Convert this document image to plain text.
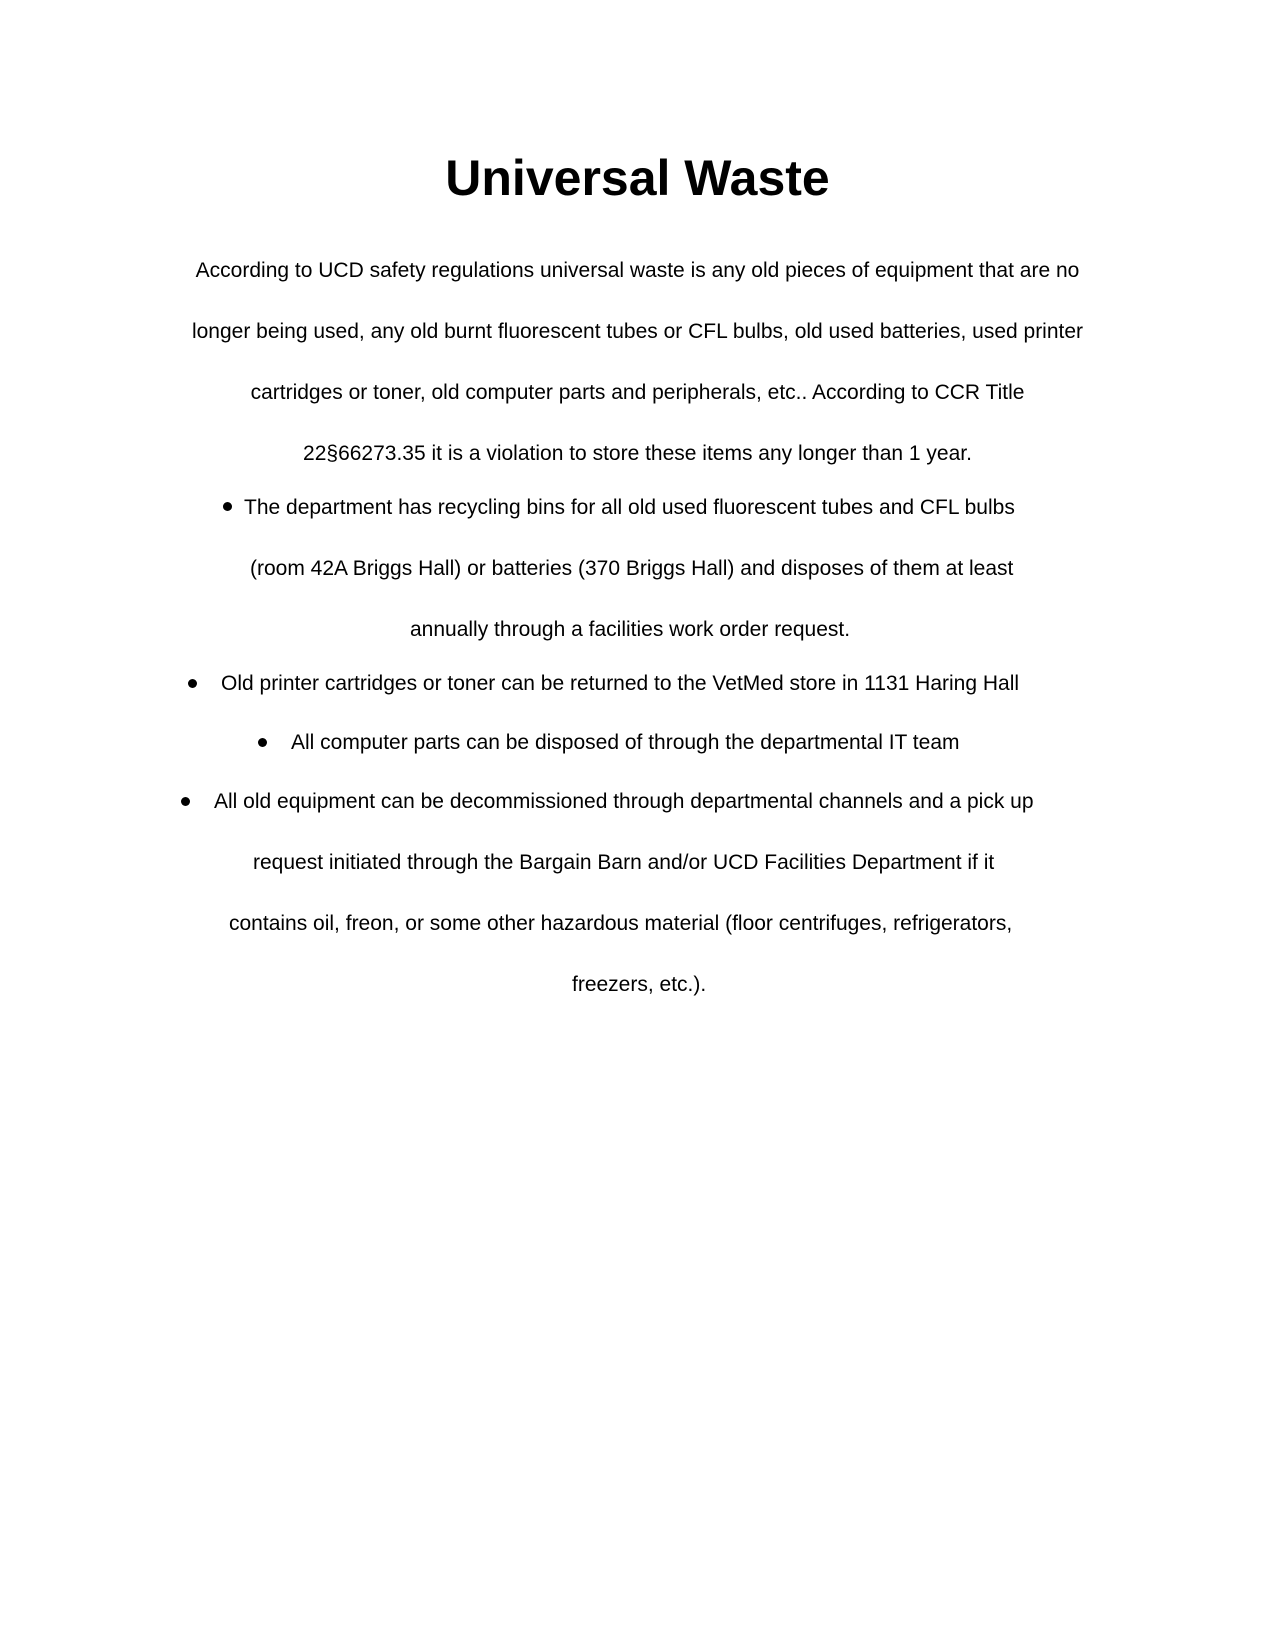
Universal Waste
According to UCD safety regulations universal waste is any old pieces of equipment that are no
longer being used, any old burnt fluorescent tubes or CFL bulbs, old used batteries, used printer
cartridges or toner, old computer parts and peripherals, etc.. According to CCR Title
22§66273.35 it is a violation to store these items any longer than 1 year.
The department has recycling bins for all old used fluorescent tubes and CFL bulbs
(room 42A Briggs Hall) or batteries (370 Briggs Hall) and disposes of them at least
annually through a facilities work order request.
Old printer cartridges or toner can be returned to the VetMed store in 1131 Haring Hall
All computer parts can be disposed of through the departmental IT team
All old equipment can be decommissioned through departmental channels and a pick up
request initiated through the Bargain Barn and/or UCD Facilities Department if it
contains oil, freon, or some other hazardous material (floor centrifuges, refrigerators,
freezers, etc.).
